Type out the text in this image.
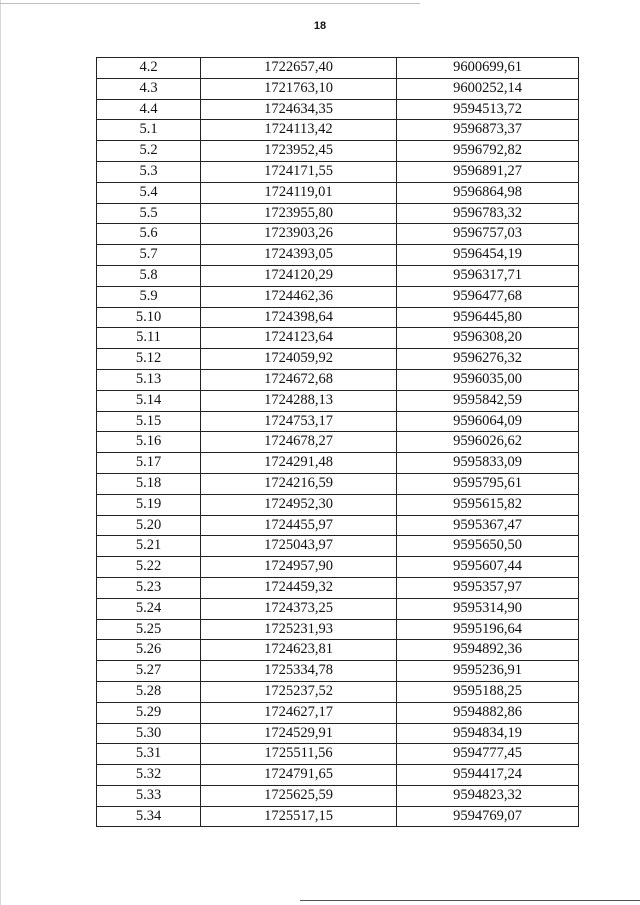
18
4.2	1722657,40	9600699,61
4.3	1721763,10	9600252,14
4.4	1724634,35	9594513,72
5.1	1724113,42	9596873,37
5.2	1723952,45	9596792,82
5.3	1724171,55	9596891,27
5.4	1724119,01	9596864,98
5.5	1723955,80	9596783,32
5.6	1723903,26	9596757,03
5.7	1724393,05	9596454,19
5.8	1724120,29	9596317,71
5.9	1724462,36	9596477,68
5.10	1724398,64	9596445,80
5.11	1724123,64	9596308,20
5.12	1724059,92	9596276,32
5.13	1724672,68	9596035,00
5.14	1724288,13	9595842,59
5.15	1724753,17	9596064,09
5.16	1724678,27	9596026,62
5.17	1724291,48	9595833,09
5.18	1724216,59	9595795,61
5.19	1724952,30	9595615,82
5.20	1724455,97	9595367,47
5.21	1725043,97	9595650,50
5.22	1724957,90	9595607,44
5.23	1724459,32	9595357,97
5.24	1724373,25	9595314,90
5.25	1725231,93	9595196,64
5.26	1724623,81	9594892,36
5.27	1725334,78	9595236,91
5.28	1725237,52	9595188,25
5.29	1724627,17	9594882,86
5.30	1724529,91	9594834,19
5.31	1725511,56	9594777,45
5.32	1724791,65	9594417,24
5.33	1725625,59	9594823,32
5.34	1725517,15	9594769,07
